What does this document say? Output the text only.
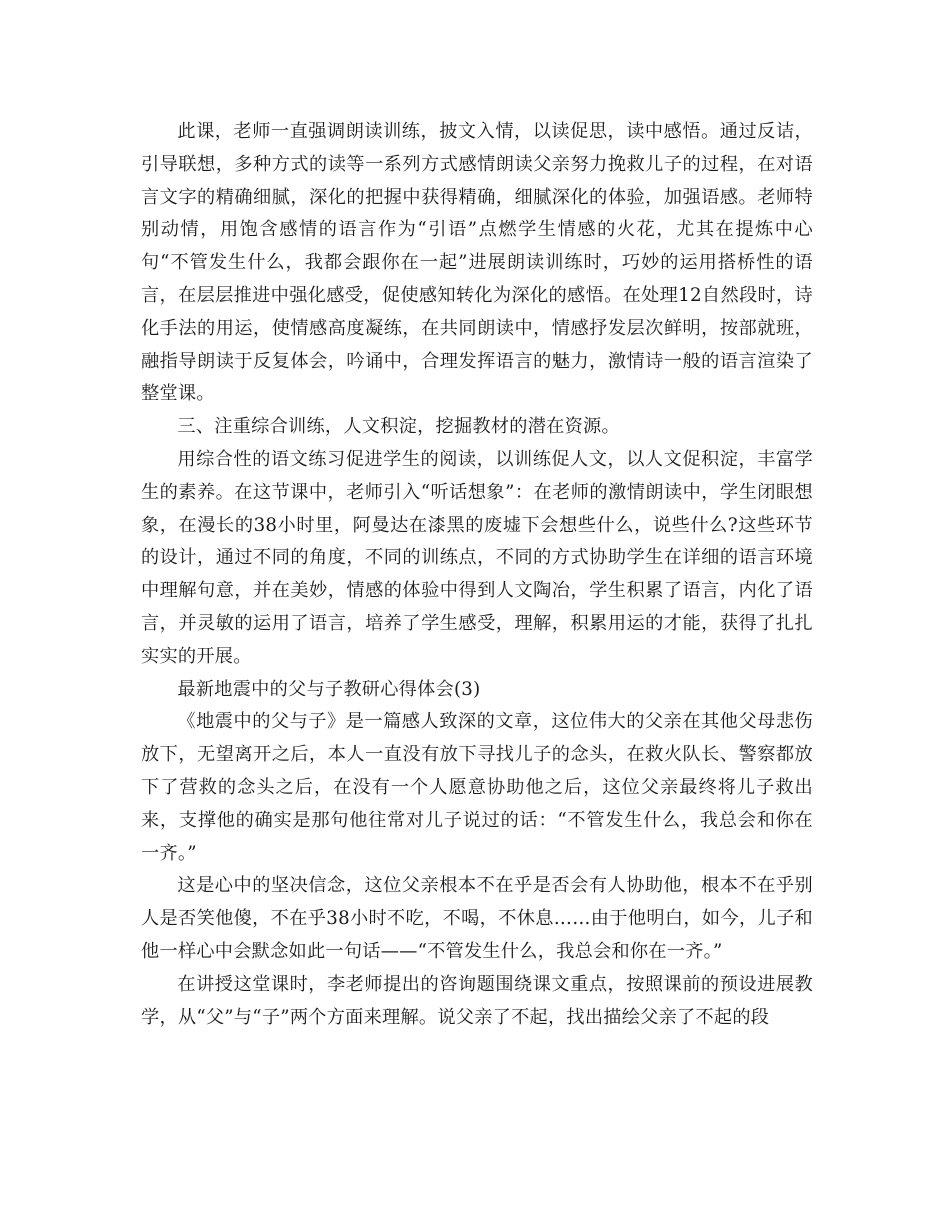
此课，老师一直强调朗读训练，披文入情，以读促思，读中感悟。通过反诘，引导联想，多种方式的读等一系列方式感情朗读父亲努力挽救儿子的过程，在对语言文字的精确细腻，深化的把握中获得精确，细腻深化的体验，加强语感。老师特别动情，用饱含感情的语言作为“引语”点燃学生情感的火花，尤其在提炼中心句“不管发生什么，我都会跟你在一起”进展朗读训练时，巧妙的运用搭桥性的语言，在层层推进中强化感受，促使感知转化为深化的感悟。在处理12自然段时，诗化手法的用运，使情感高度凝练，在共同朗读中，情感抒发层次鲜明，按部就班，融指导朗读于反复体会，吟诵中，合理发挥语言的魅力，激情诗一般的语言渲染了整堂课。

三、注重综合训练，人文积淀，挖掘教材的潜在资源。

用综合性的语文练习促进学生的阅读，以训练促人文，以人文促积淀，丰富学生的素养。在这节课中，老师引入“听话想象”：在老师的激情朗读中，学生闭眼想象，在漫长的38小时里，阿曼达在漆黑的废墟下会想些什么，说些什么?这些环节的设计，通过不同的角度，不同的训练点，不同的方式协助学生在详细的语言环境中理解句意，并在美妙，情感的体验中得到人文陶冶，学生积累了语言，内化了语言，并灵敏的运用了语言，培养了学生感受，理解，积累用运的才能，获得了扎扎实实的开展。

最新地震中的父与子教研心得体会(3)

《地震中的父与子》是一篇感人致深的文章，这位伟大的父亲在其他父母悲伤放下，无望离开之后，本人一直没有放下寻找儿子的念头，在救火队长、警察都放下了营救的念头之后，在没有一个人愿意协助他之后，这位父亲最终将儿子救出来，支撑他的确实是那句他往常对儿子说过的话：“不管发生什么，我总会和你在一齐。”

这是心中的坚决信念，这位父亲根本不在乎是否会有人协助他，根本不在乎别人是否笑他傻，不在乎38小时不吃，不喝，不休息……由于他明白，如今，儿子和他一样心中会默念如此一句话——“不管发生什么，我总会和你在一齐。”

在讲授这堂课时，李老师提出的咨询题围绕课文重点，按照课前的预设进展教学，从“父”与“子”两个方面来理解。说父亲了不起，找出描绘父亲了不起的段
